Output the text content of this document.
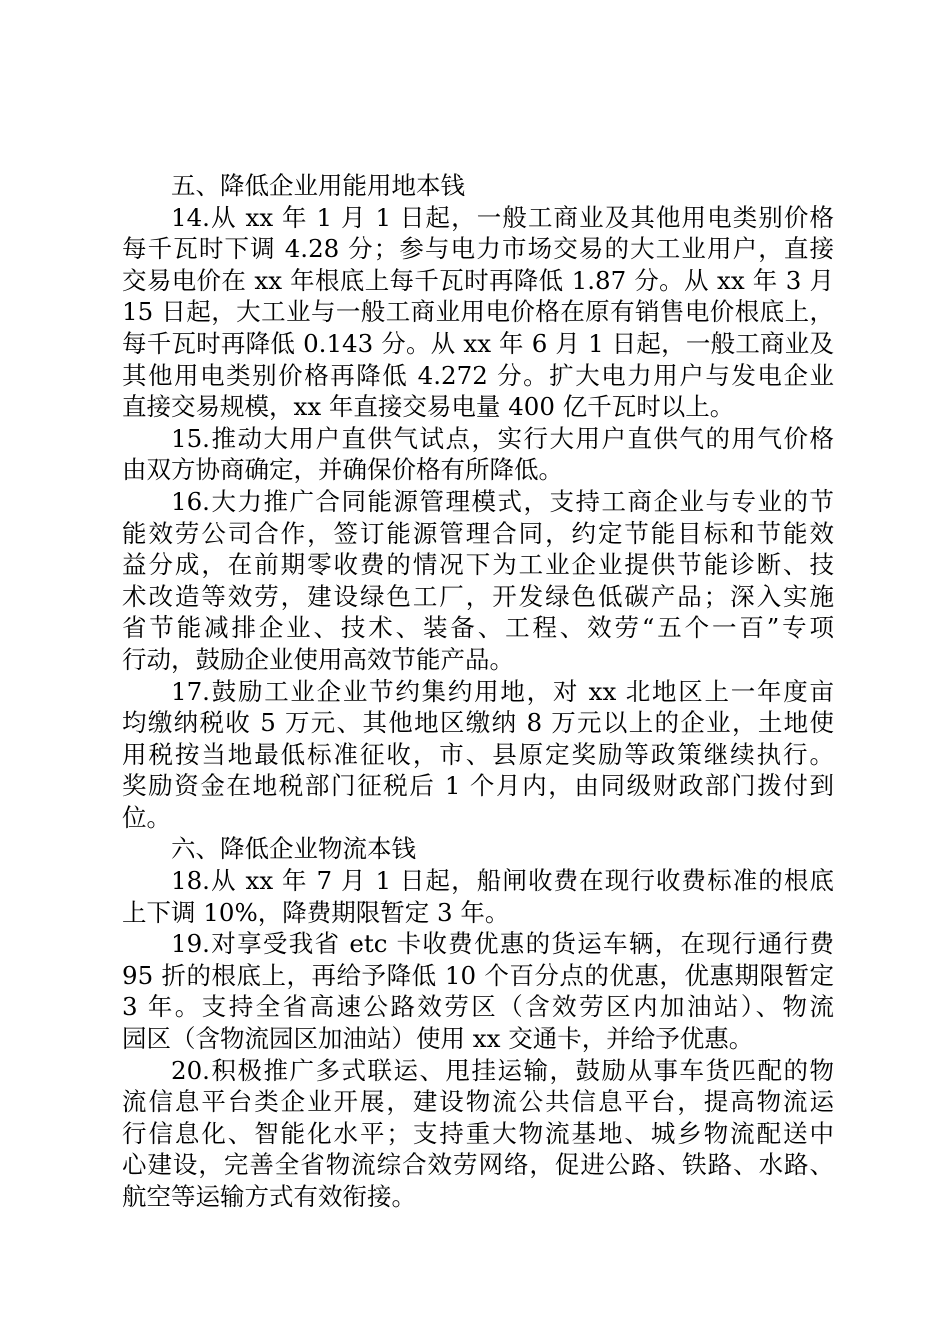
五、降低企业用能用地本钱
14.从 xx 年 1 月 1 日起，一般工商业及其他用电类别价格
每千瓦时下调 4.28 分；参与电力市场交易的大工业用户，直接
交易电价在 xx 年根底上每千瓦时再降低 1.87 分。从 xx 年 3 月
15 日起，大工业与一般工商业用电价格在原有销售电价根底上，
每千瓦时再降低 0.143 分。从 xx 年 6 月 1 日起，一般工商业及
其他用电类别价格再降低 4.272 分。扩大电力用户与发电企业
直接交易规模，xx 年直接交易电量 400 亿千瓦时以上。
15.推动大用户直供气试点，实行大用户直供气的用气价格
由双方协商确定，并确保价格有所降低。
16.大力推广合同能源管理模式，支持工商企业与专业的节
能效劳公司合作，签订能源管理合同，约定节能目标和节能效
益分成，在前期零收费的情况下为工业企业提供节能诊断、技
术改造等效劳，建设绿色工厂，开发绿色低碳产品；深入实施
省节能减排企业、技术、装备、工程、效劳“五个一百”专项
行动，鼓励企业使用高效节能产品。
17.鼓励工业企业节约集约用地，对 xx 北地区上一年度亩
均缴纳税收 5 万元、其他地区缴纳 8 万元以上的企业，土地使
用税按当地最低标准征收，市、县原定奖励等政策继续执行。
奖励资金在地税部门征税后 1 个月内，由同级财政部门拨付到
位。
六、降低企业物流本钱
18.从 xx 年 7 月 1 日起，船闸收费在现行收费标准的根底
上下调 10%，降费期限暂定 3 年。
19.对享受我省 etc 卡收费优惠的货运车辆，在现行通行费
95 折的根底上，再给予降低 10 个百分点的优惠，优惠期限暂定
3 年。支持全省高速公路效劳区（含效劳区内加油站）、物流
园区（含物流园区加油站）使用 xx 交通卡，并给予优惠。
20.积极推广多式联运、甩挂运输，鼓励从事车货匹配的物
流信息平台类企业开展，建设物流公共信息平台，提高物流运
行信息化、智能化水平；支持重大物流基地、城乡物流配送中
心建设，完善全省物流综合效劳网络，促进公路、铁路、水路、
航空等运输方式有效衔接。
